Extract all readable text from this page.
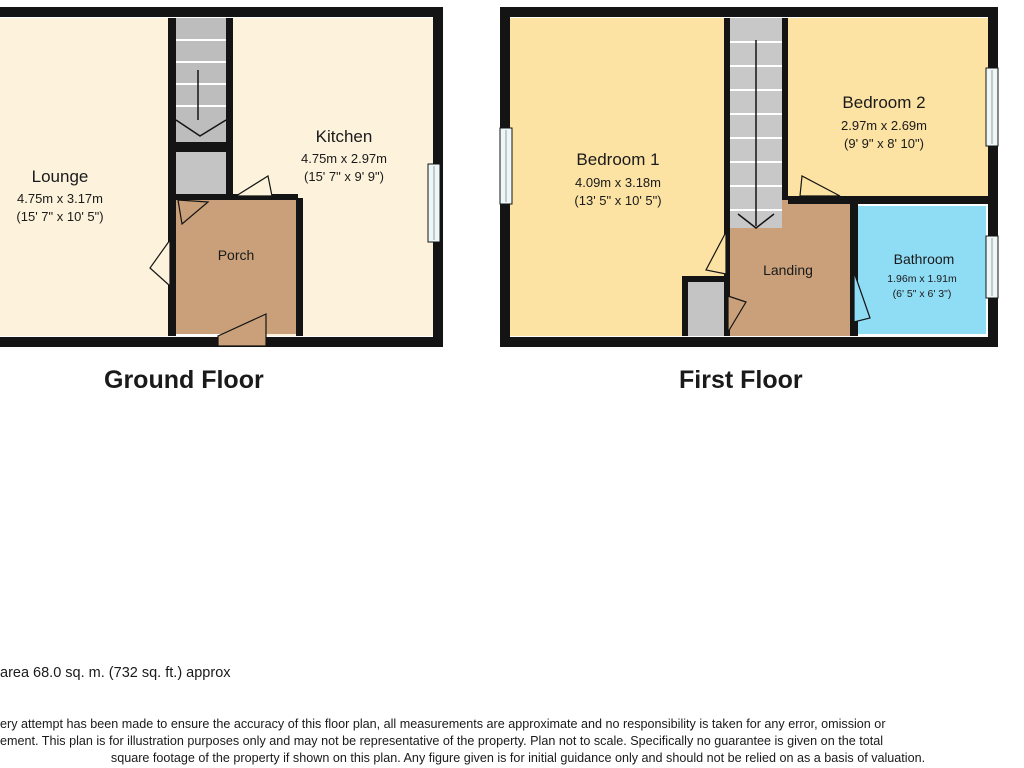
Lounge
4.75m x 3.17m
(15' 7" x 10' 5")
Kitchen
4.75m x 2.97m
(15' 7" x 9' 9")
Porch
Bedroom 1
4.09m x 3.18m
(13' 5" x 10' 5")
Bedroom 2
2.97m x 2.69m
(9' 9" x 8' 10")
Landing
Bathroom
1.96m x 1.91m
(6' 5" x 6' 3")
Ground Floor	First Floor
area 68.0 sq. m. (732 sq. ft.) approx
ery attempt has been made to ensure the accuracy of this floor plan, all measurements are approximate and no responsibility is taken for any error, omission or
ement. This plan is for illustration purposes only and may not be representative of the property. Plan not to scale. Specifically no guarantee is given on the total
square footage of the property if shown on this plan. Any figure given is for initial guidance only and should not be relied on as a basis of valuation.
